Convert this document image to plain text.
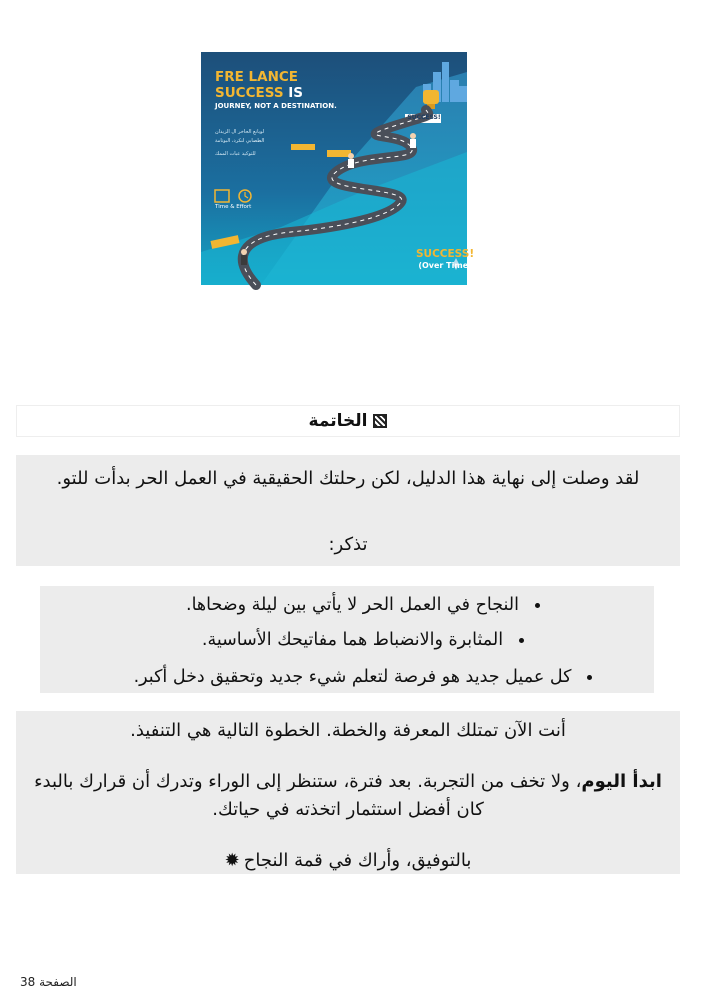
FRE LANCE
SUCCESS IS
JOURNEY, NOT A DESTINATION.
لويانع الحاخر ال الزيدان
الطصابي لنكرد، البوتامة
للتوكيد عبات الممك
Time & Effort
SUCCESS!
SUCCESS!
(Over Time)
الخاتمة
لقد وصلت إلى نهاية هذا الدليل، لكن رحلتك الحقيقية في العمل الحر بدأت للتو.
تذكر:
النجاح في العمل الحر لا يأتي بين ليلة وضحاها.
المثابرة والانضباط هما مفاتيحك الأساسية.
كل عميل جديد هو فرصة لتعلم شيء جديد وتحقيق دخل أكبر.
أنت الآن تمتلك المعرفة والخطة. الخطوة التالية هي التنفيذ.
ابدأ اليوم، ولا تخف من التجربة. بعد فترة، ستنظر إلى الوراء وتدرك أن قرارك بالبدء كان أفضل استثمار اتخذته في حياتك.
بالتوفيق، وأراك في قمة النجاح✹
الصفحة 38
